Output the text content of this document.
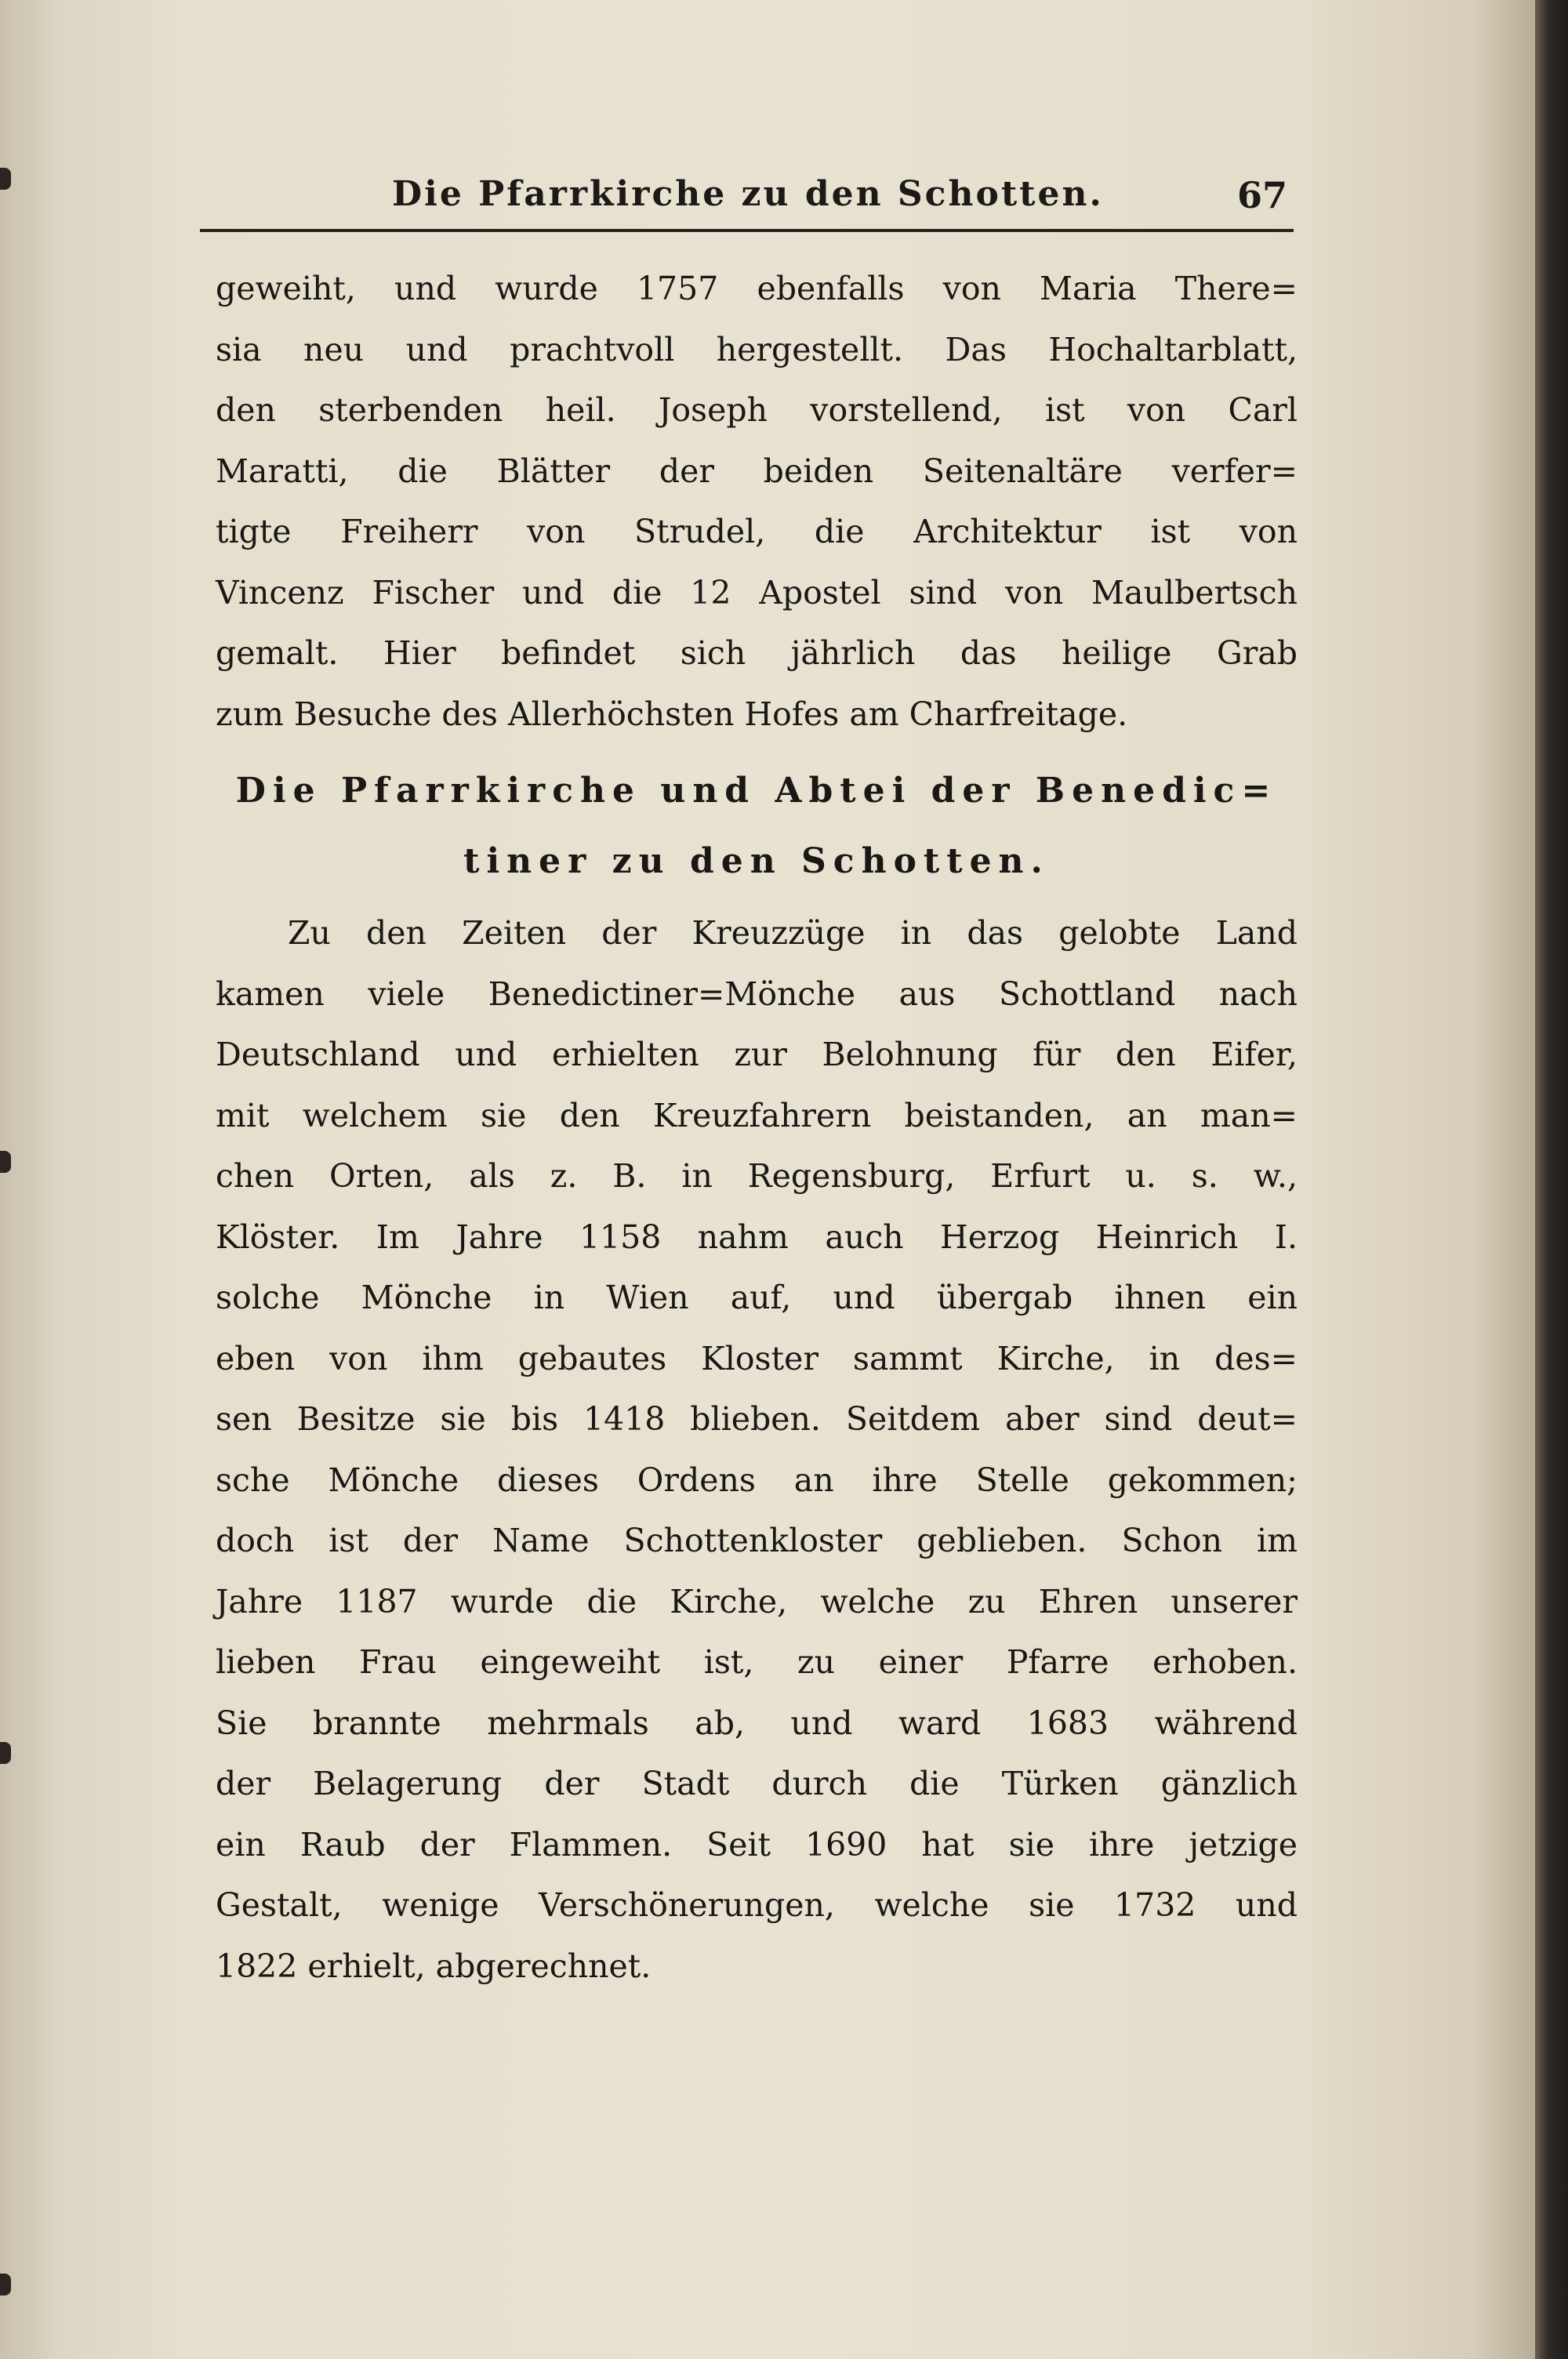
Die Pfarrkirche zu den Schotten.	67
geweiht, und wurde 1757 ebenfalls von Maria There=
sia neu und prachtvoll hergestellt. Das Hochaltarblatt,
den sterbenden heil. Joseph vorstellend, ist von Carl
Maratti, die Blätter der beiden Seitenaltäre verfer=
tigte Freiherr von Strudel, die Architektur ist von
Vincenz Fischer und die 12 Apostel sind von Maulbertsch
gemalt. Hier befindet sich jährlich das heilige Grab
zum Besuche des Allerhöchsten Hofes am Charfreitage.
Die Pfarrkirche und Abtei der Benedic=
tiner zu den Schotten.
Zu den Zeiten der Kreuzzüge in das gelobte Land
kamen viele Benedictiner=Mönche aus Schottland nach
Deutschland und erhielten zur Belohnung für den Eifer,
mit welchem sie den Kreuzfahrern beistanden, an man=
chen Orten, als z. B. in Regensburg, Erfurt u. s. w.,
Klöster. Im Jahre 1158 nahm auch Herzog Heinrich I.
solche Mönche in Wien auf, und übergab ihnen ein
eben von ihm gebautes Kloster sammt Kirche, in des=
sen Besitze sie bis 1418 blieben. Seitdem aber sind deut=
sche Mönche dieses Ordens an ihre Stelle gekommen;
doch ist der Name Schottenkloster geblieben. Schon im
Jahre 1187 wurde die Kirche, welche zu Ehren unserer
lieben Frau eingeweiht ist, zu einer Pfarre erhoben.
Sie brannte mehrmals ab, und ward 1683 während
der Belagerung der Stadt durch die Türken gänzlich
ein Raub der Flammen. Seit 1690 hat sie ihre jetzige
Gestalt, wenige Verschönerungen, welche sie 1732 und
1822 erhielt, abgerechnet.
